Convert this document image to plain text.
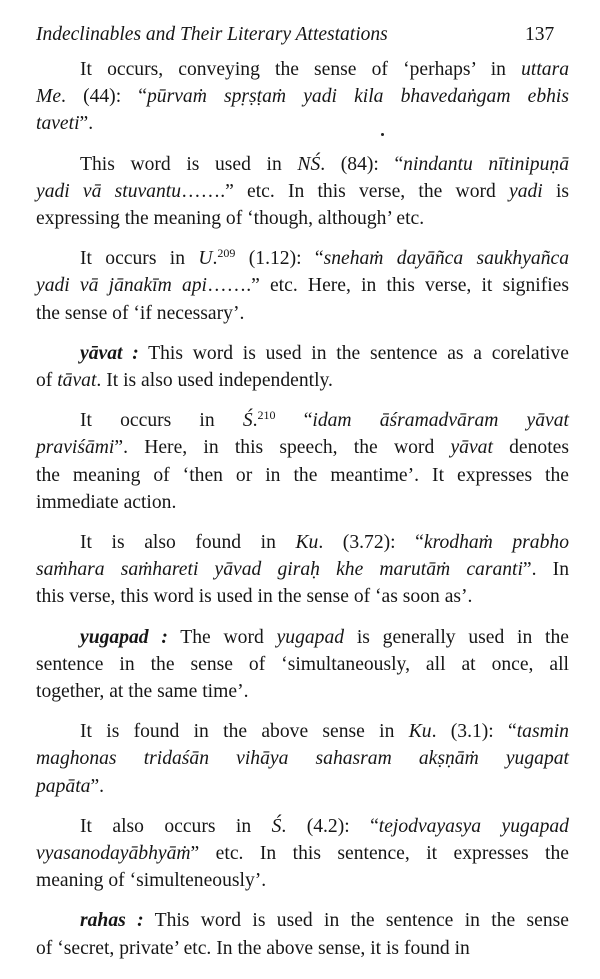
Indeclinables and Their Literary Attestations	137
It occurs, conveying the sense of ‘perhaps’ in uttara
Me. (44): “pūrvaṁ spṛṣṭaṁ yadi kila bhavedaṅgam ebhis
taveti”.
This word is used in NŚ. (84): “nindantu nītinipuṇā
yadi vā stuvantu…….” etc. In this verse, the word yadi is
expressing the meaning of ‘though, although’ etc.
It occurs in U.$^{209}$ (1.12): “snehaṁ dayāñca saukhyañca
yadi vā jānakīm api…….” etc. Here, in this verse, it signifies
the sense of ‘if necessary’.
yāvat : This word is used in the sentence as a corelative
of tāvat. It is also used independently.
It occurs in Ś.$^{210}$ “idam āśramadvāram yāvat
praviśāmi”. Here, in this speech, the word yāvat denotes
the meaning of ‘then or in the meantime’. It expresses the
immediate action.
It is also found in Ku. (3.72): “krodhaṁ prabho
saṁhara saṁhareti yāvad giraḥ khe marutāṁ caranti”. In
this verse, this word is used in the sense of ‘as soon as’.
yugapad : The word yugapad is generally used in the
sentence in the sense of ‘simultaneously, all at once, all
together, at the same time’.
It is found in the above sense in Ku. (3.1): “tasmin
maghonas tridaśān vihāya sahasram akṣṇāṁ yugapat
papāta”.
It also occurs in Ś. (4.2): “tejodvayasya yugapad
vyasanodayābhyāṁ” etc. In this sentence, it expresses the
meaning of ‘simulteneously’.
rahas : This word is used in the sentence in the sense
of ‘secret, private’ etc. In the above sense, it is found in
